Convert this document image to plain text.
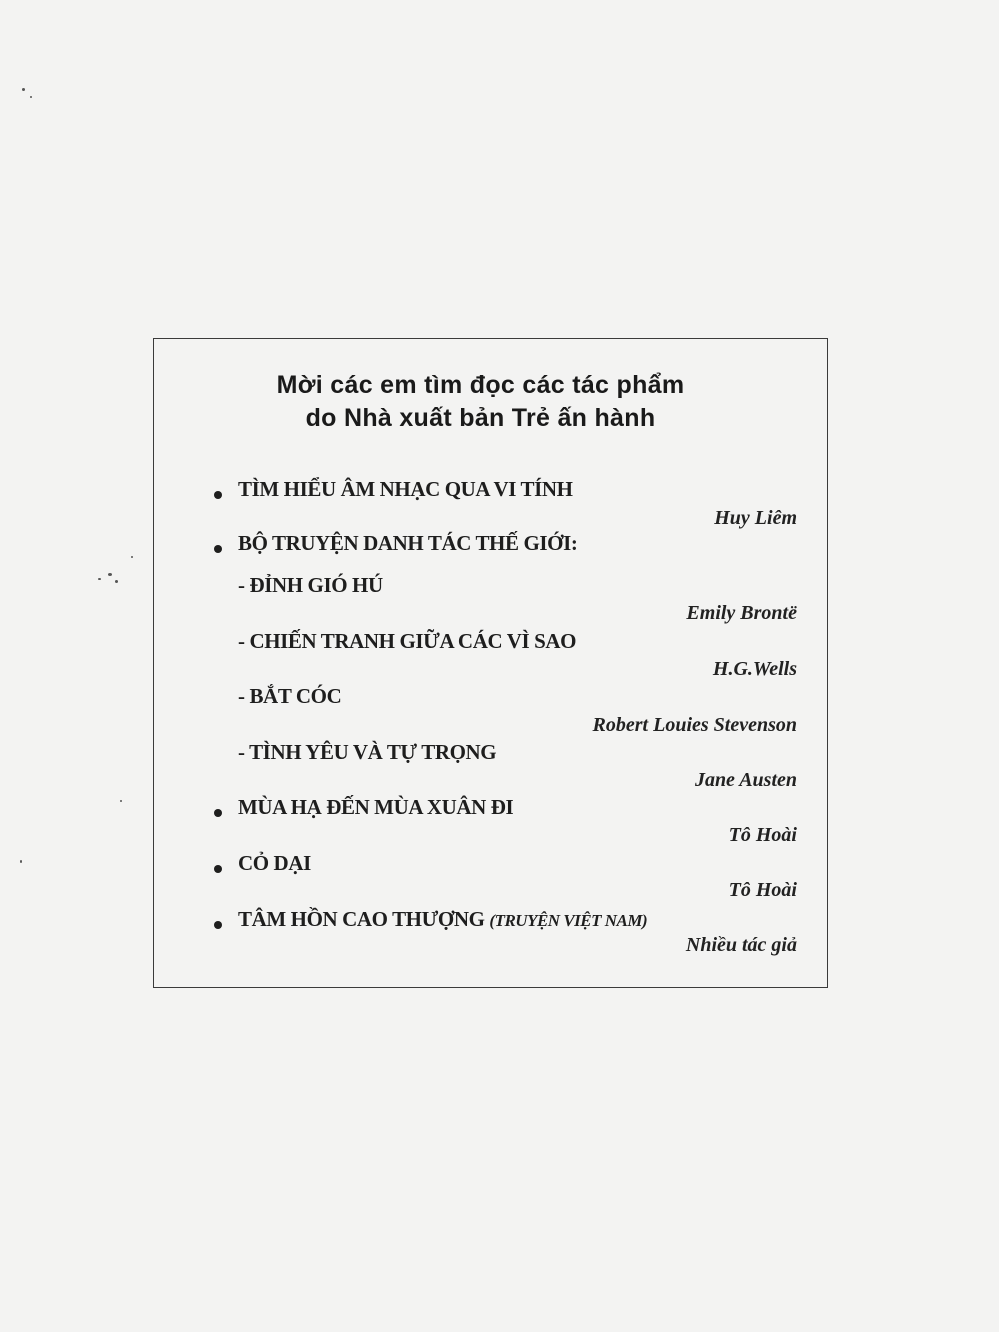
Mời các em tìm đọc các tác phẩm
do Nhà xuất bản Trẻ ấn hành
TÌM HIỂU ÂM NHẠC QUA VI TÍNH
Huy Liêm
BỘ TRUYỆN DANH TÁC THẾ GIỚI:
- ĐỈNH GIÓ HÚ
Emily Brontë
- CHIẾN TRANH GIỮA CÁC VÌ SAO
H.G.Wells
- BẮT CÓC
Robert Louies Stevenson
- TÌNH YÊU VÀ TỰ TRỌNG
Jane Austen
MÙA HẠ ĐẾN MÙA XUÂN ĐI
Tô Hoài
CỎ DẠI
Tô Hoài
TÂM HỒN CAO THƯỢNG (TRUYỆN VIỆT NAM)
Nhiều tác giả
